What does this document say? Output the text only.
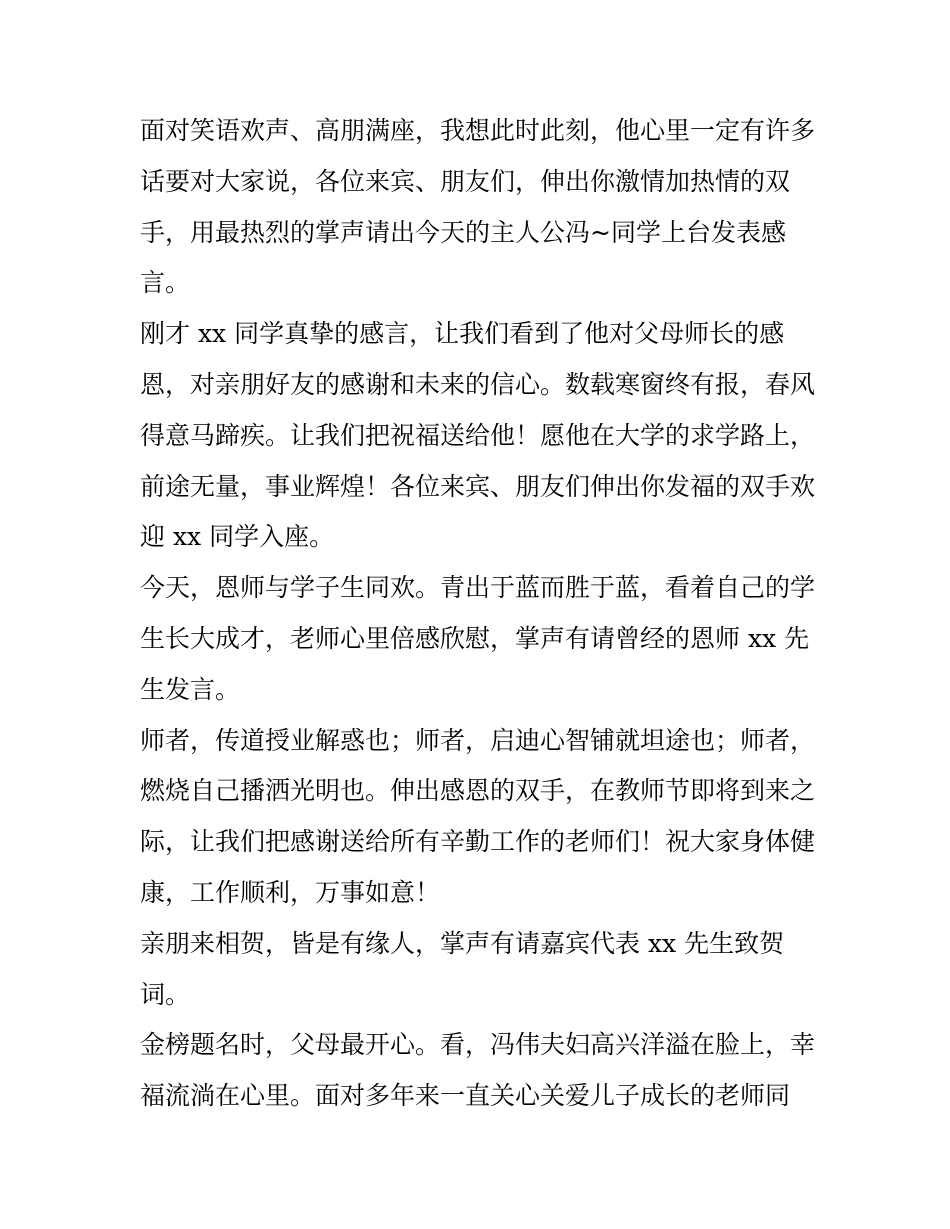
面对笑语欢声、高朋满座，我想此时此刻，他心里一定有许多

话要对大家说，各位来宾、朋友们，伸出你激情加热情的双

手，用最热烈的掌声请出今天的主人公冯~同学上台发表感

言。

刚才 xx 同学真挚的感言，让我们看到了他对父母师长的感

恩，对亲朋好友的感谢和未来的信心。数载寒窗终有报，春风

得意马蹄疾。让我们把祝福送给他！愿他在大学的求学路上，

前途无量，事业辉煌！各位来宾、朋友们伸出你发福的双手欢

迎 xx 同学入座。

今天，恩师与学子生同欢。青出于蓝而胜于蓝，看着自己的学

生长大成才，老师心里倍感欣慰，掌声有请曾经的恩师 xx 先

生发言。

师者，传道授业解惑也；师者，启迪心智铺就坦途也；师者，

燃烧自己播洒光明也。伸出感恩的双手，在教师节即将到来之

际，让我们把感谢送给所有辛勤工作的老师们！祝大家身体健

康，工作顺利，万事如意！

亲朋来相贺，皆是有缘人，掌声有请嘉宾代表 xx 先生致贺

词。

金榜题名时，父母最开心。看，冯伟夫妇高兴洋溢在脸上，幸

福流淌在心里。面对多年来一直关心关爱儿子成长的老师同
